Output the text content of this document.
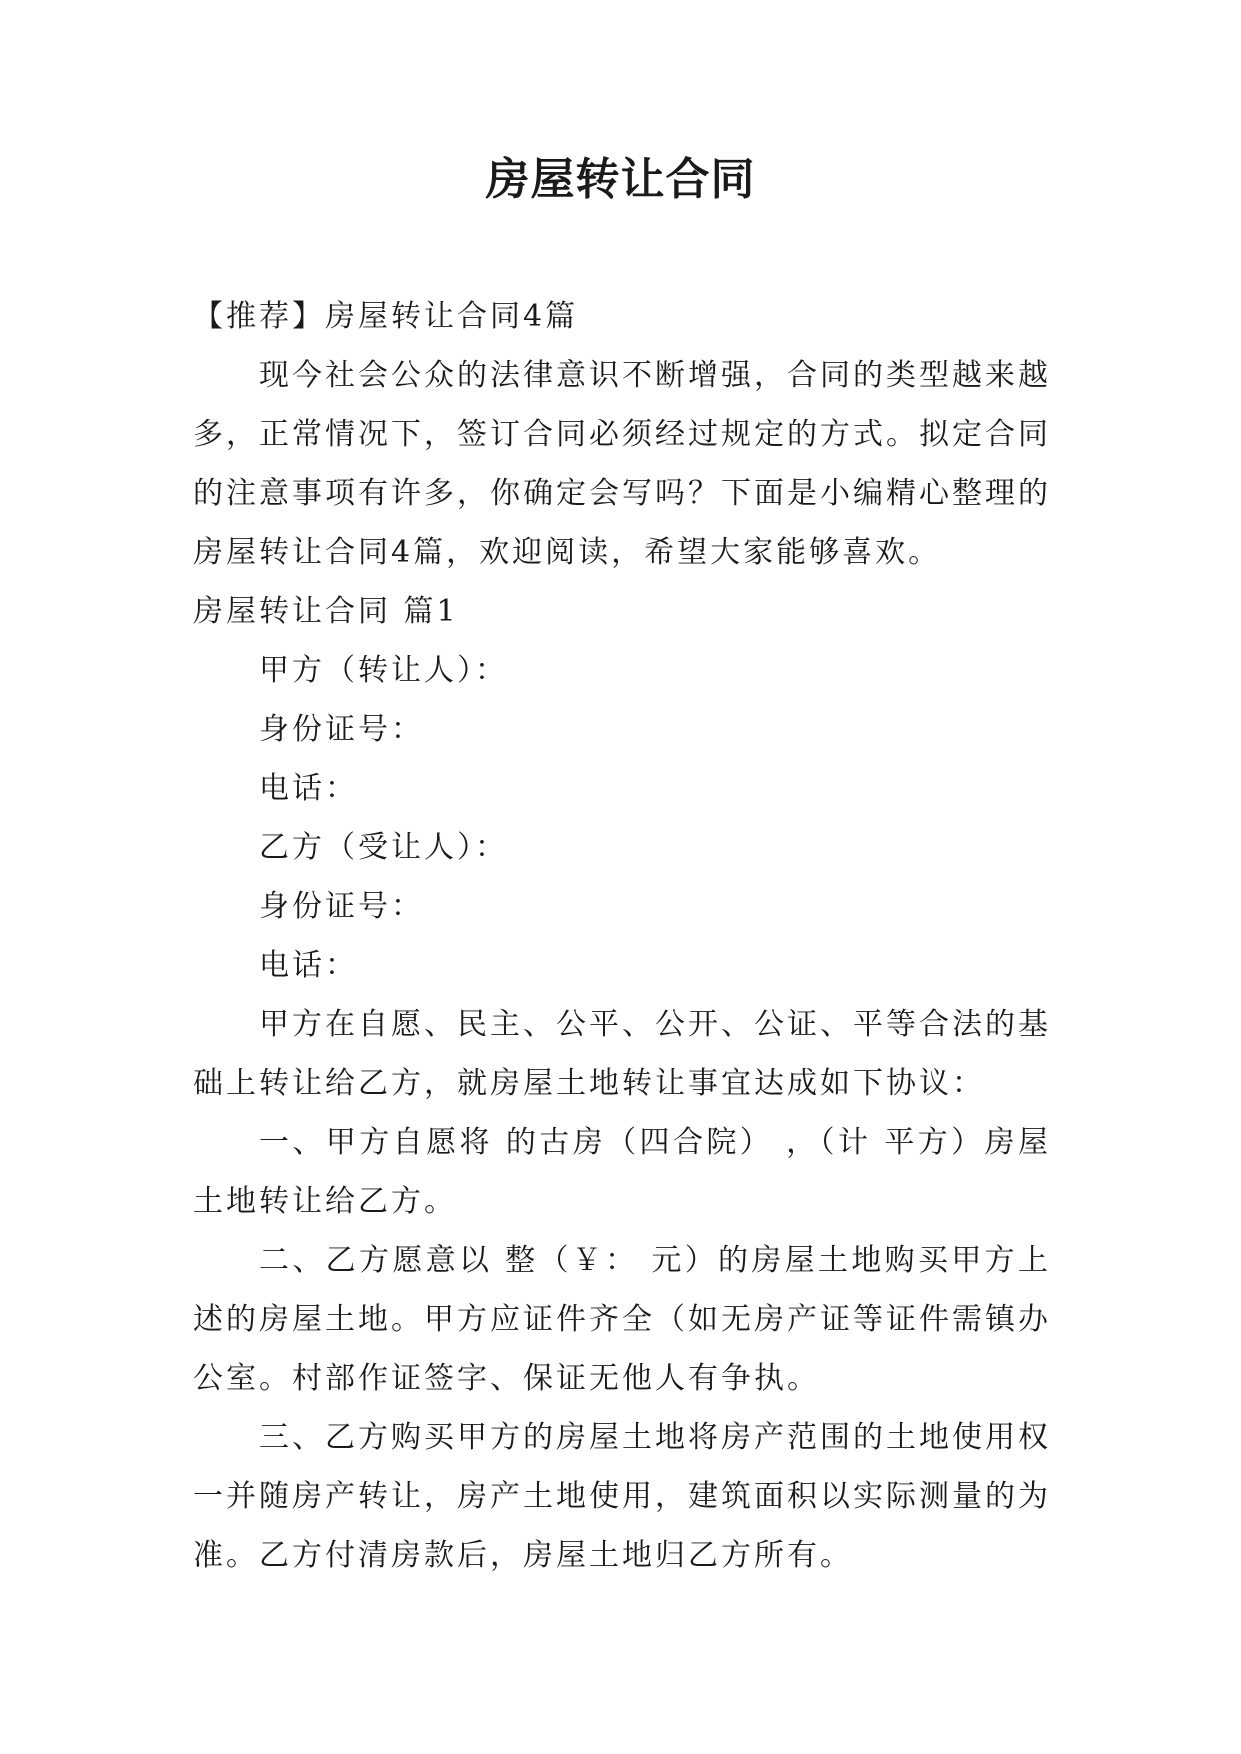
房屋转让合同

【推荐】房屋转让合同4篇

现今社会公众的法律意识不断增强，合同的类型越来越多，正常情况下，签订合同必须经过规定的方式。拟定合同的注意事项有许多，你确定会写吗？下面是小编精心整理的房屋转让合同4篇，欢迎阅读，希望大家能够喜欢。

房屋转让合同 篇1

甲方（转让人）：

身份证号：

电话：

乙方（受让人）：

身份证号：

电话：

甲方在自愿、民主、公平、公开、公证、平等合法的基础上转让给乙方，就房屋土地转让事宜达成如下协议：

一、甲方自愿将 的古房（四合院） ，（计 平方）房屋土地转让给乙方。

二、乙方愿意以 整（￥： 元）的房屋土地购买甲方上述的房屋土地。甲方应证件齐全（如无房产证等证件需镇办公室。村部作证签字、保证无他人有争执。

三、乙方购买甲方的房屋土地将房产范围的土地使用权一并随房产转让，房产土地使用，建筑面积以实际测量的为准。乙方付清房款后，房屋土地归乙方所有。
